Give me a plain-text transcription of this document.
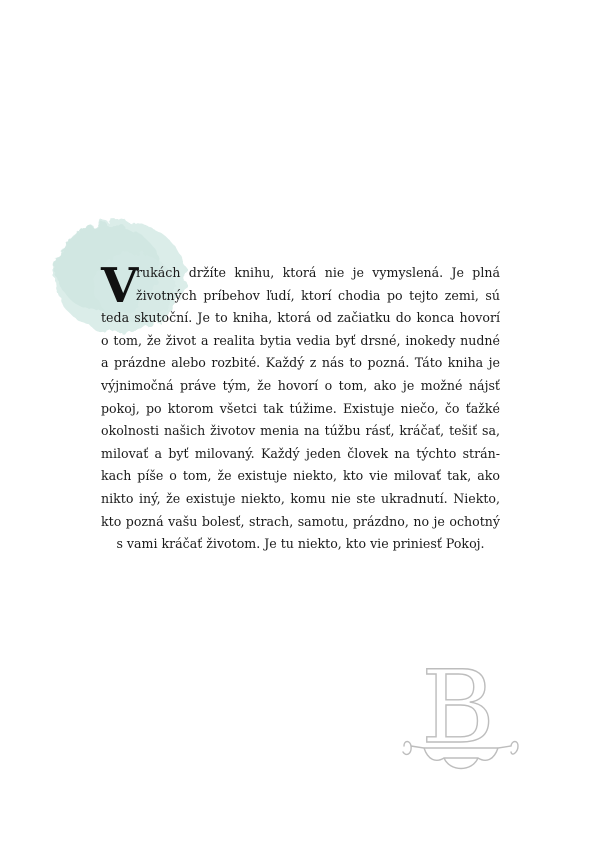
V
rukách držíte knihu, ktorá nie je vymyslená. Je plná
životných príbehov ľudí, ktorí chodia po tejto zemi, sú
teda skutoční. Je to kniha, ktorá od začiatku do konca hovorí
o tom, že život a realita bytia vedia byť drsné, inokedy nudné
a prázdne alebo rozbité. Každý z nás to pozná. Táto kniha je
výjnimočná práve tým, že hovorí o tom, ako je možné nájsť
pokoj, po ktorom všetci tak túžime. Existuje niečo, čo ťažké
okolnosti našich životov menia na túžbu rásť, kráčať, tešiť sa,
milovať a byť milovaný. Každý jeden človek na týchto strán-
kach píše o tom, že existuje niekto, kto vie milovať tak, ako
nikto iný, že existuje niekto, komu nie ste ukradnutí. Niekto,
kto pozná vašu bolesť, strach, samotu, prázdno, no je ochotný
s vami kráčať životom. Je tu niekto, kto vie priniesť Pokoj.
B
